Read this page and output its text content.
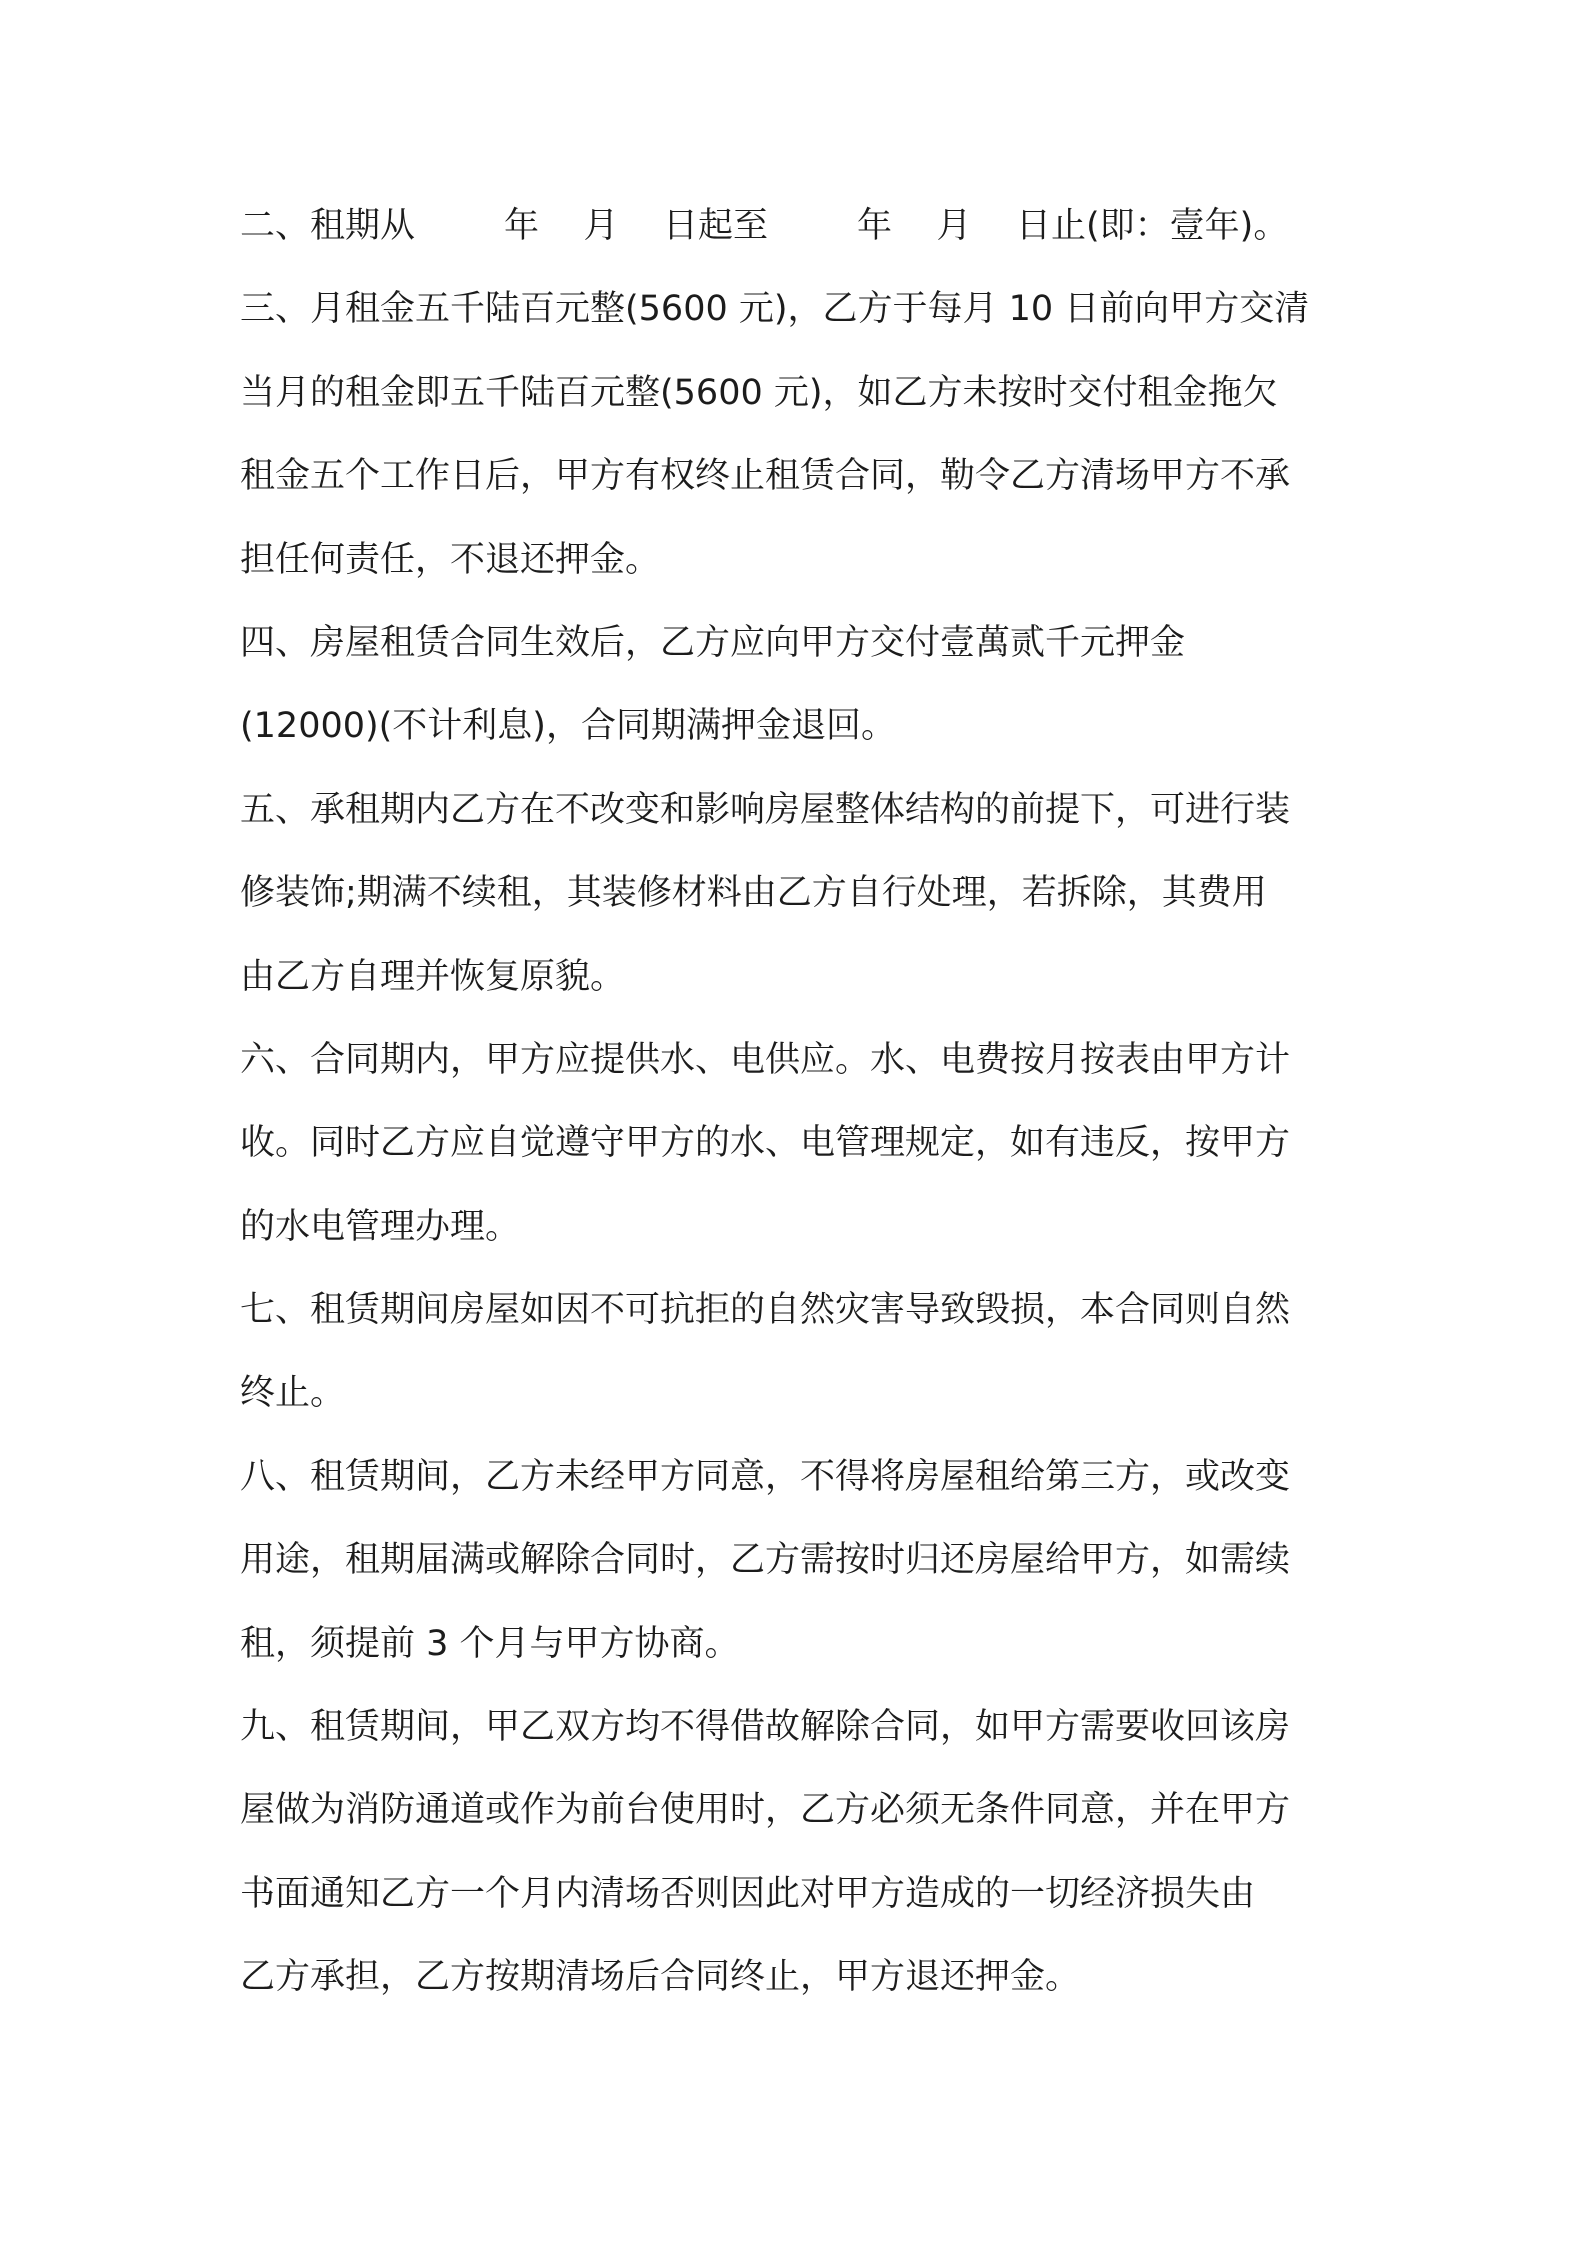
二、租期从        年    月    日起至        年    月    日止(即：壹年)。
三、月租金五千陆百元整(5600 元)，乙方于每月 10 日前向甲方交清
当月的租金即五千陆百元整(5600 元)，如乙方未按时交付租金拖欠
租金五个工作日后，甲方有权终止租赁合同，勒令乙方清场甲方不承
担任何责任，不退还押金。
四、房屋租赁合同生效后，乙方应向甲方交付壹萬贰千元押金
(12000)(不计利息)，合同期满押金退回。
五、承租期内乙方在不改变和影响房屋整体结构的前提下，可进行装
修装饰;期满不续租，其装修材料由乙方自行处理，若拆除，其费用
由乙方自理并恢复原貌。
六、合同期内，甲方应提供水、电供应。水、电费按月按表由甲方计
收。同时乙方应自觉遵守甲方的水、电管理规定，如有违反，按甲方
的水电管理办理。
七、租赁期间房屋如因不可抗拒的自然灾害导致毁损，本合同则自然
终止。
八、租赁期间，乙方未经甲方同意，不得将房屋租给第三方，或改变
用途，租期届满或解除合同时，乙方需按时归还房屋给甲方，如需续
租，须提前 3 个月与甲方协商。
九、租赁期间，甲乙双方均不得借故解除合同，如甲方需要收回该房
屋做为消防通道或作为前台使用时，乙方必须无条件同意，并在甲方
书面通知乙方一个月内清场否则因此对甲方造成的一切经济损失由
乙方承担，乙方按期清场后合同终止，甲方退还押金。
